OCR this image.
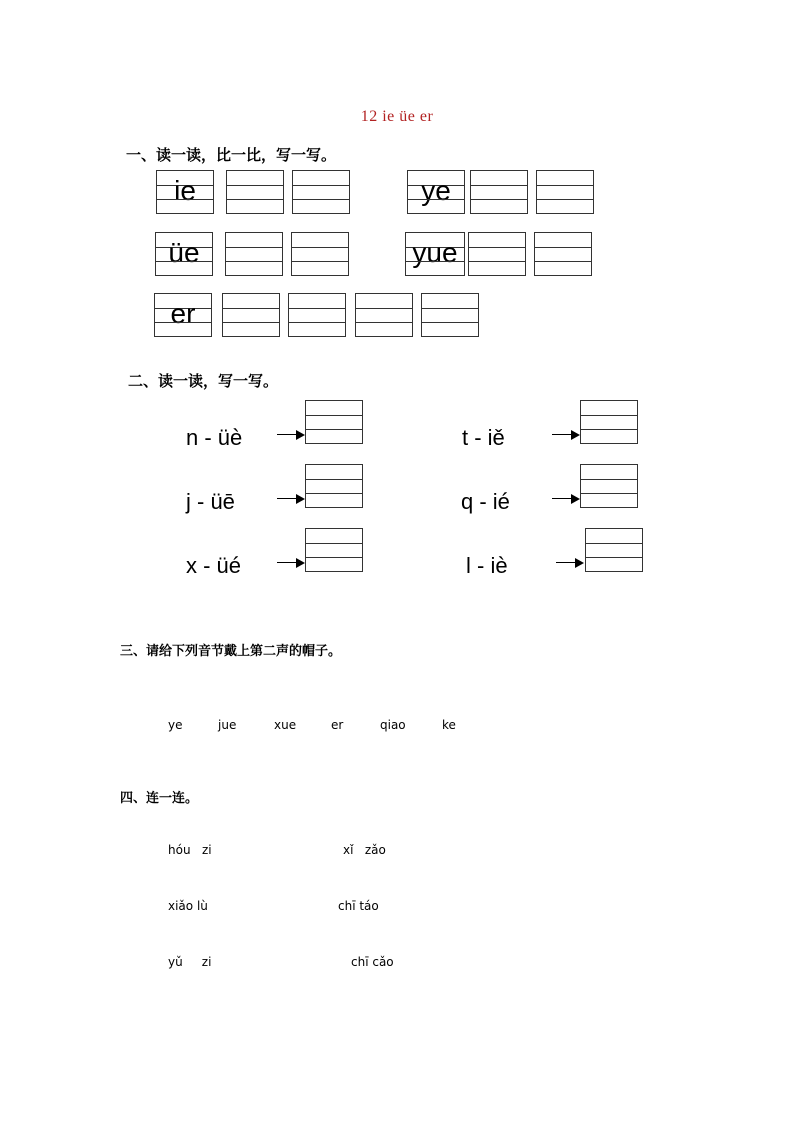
12 ie üe er
一、读一读，比一比，写一写。
ie	ye
üe	yue
er
二、读一读，写一写。
n - üè
j - üē
x - üé
t - iě
q - ié
l - iè
三、请给下列音节戴上第二声的帽子。
ye	jue	xue	er	qiao	ke
四、连一连。
hóu   zi
xiǎo lù
yǔ     zi
xǐ   zǎo
chī táo
chī cǎo
